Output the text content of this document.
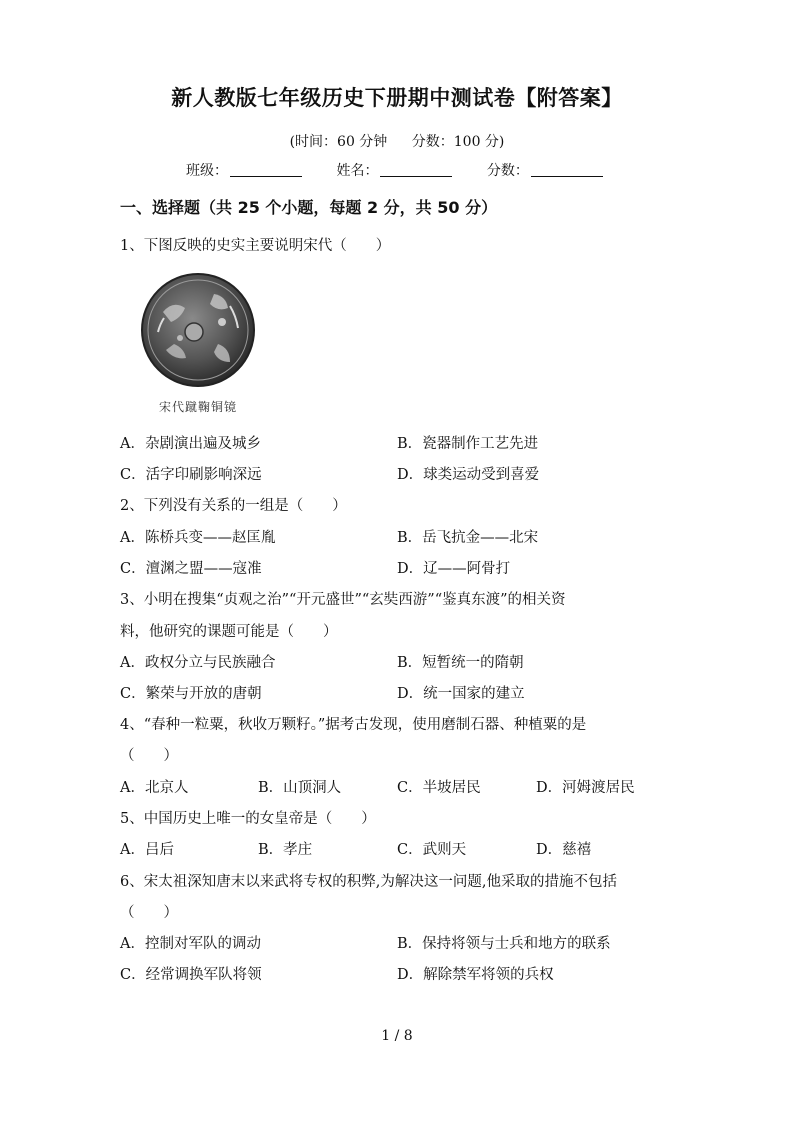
新人教版七年级历史下册期中测试卷【附答案】
(时间：60 分钟 分数：100 分)
班级：	姓名：	分数：
一、选择题（共 25 个小题，每题 2 分，共 50 分）
1、下图反映的史实主要说明宋代（　　）
宋代蹴鞠铜镜
A．杂剧演出遍及城乡	B．瓷器制作工艺先进
C．活字印刷影响深远	D．球类运动受到喜爱
2、下列没有关系的一组是（　　）
A．陈桥兵变——赵匡胤	B．岳飞抗金——北宋
C．澶渊之盟——寇准	D．辽——阿骨打
3、小明在搜集“贞观之治”“开元盛世”“玄奘西游”“鉴真东渡”的相关资
料，他研究的课题可能是（　　）
A．政权分立与民族融合	B．短暂统一的隋朝
C．繁荣与开放的唐朝	D．统一国家的建立
4、“春种一粒粟，秋收万颗籽。”据考古发现，使用磨制石器、种植粟的是
（　　）
A．北京人	B．山顶洞人	C．半坡居民	D．河姆渡居民
5、中国历史上唯一的女皇帝是（　　）
A．吕后	B．孝庄	C．武则天	D．慈禧
6、宋太祖深知唐末以来武将专权的积弊,为解决这一问题,他采取的措施不包括
（　　）
A．控制对军队的调动	B．保持将领与士兵和地方的联系
C．经常调换军队将领	D．解除禁军将领的兵权
1 / 8
